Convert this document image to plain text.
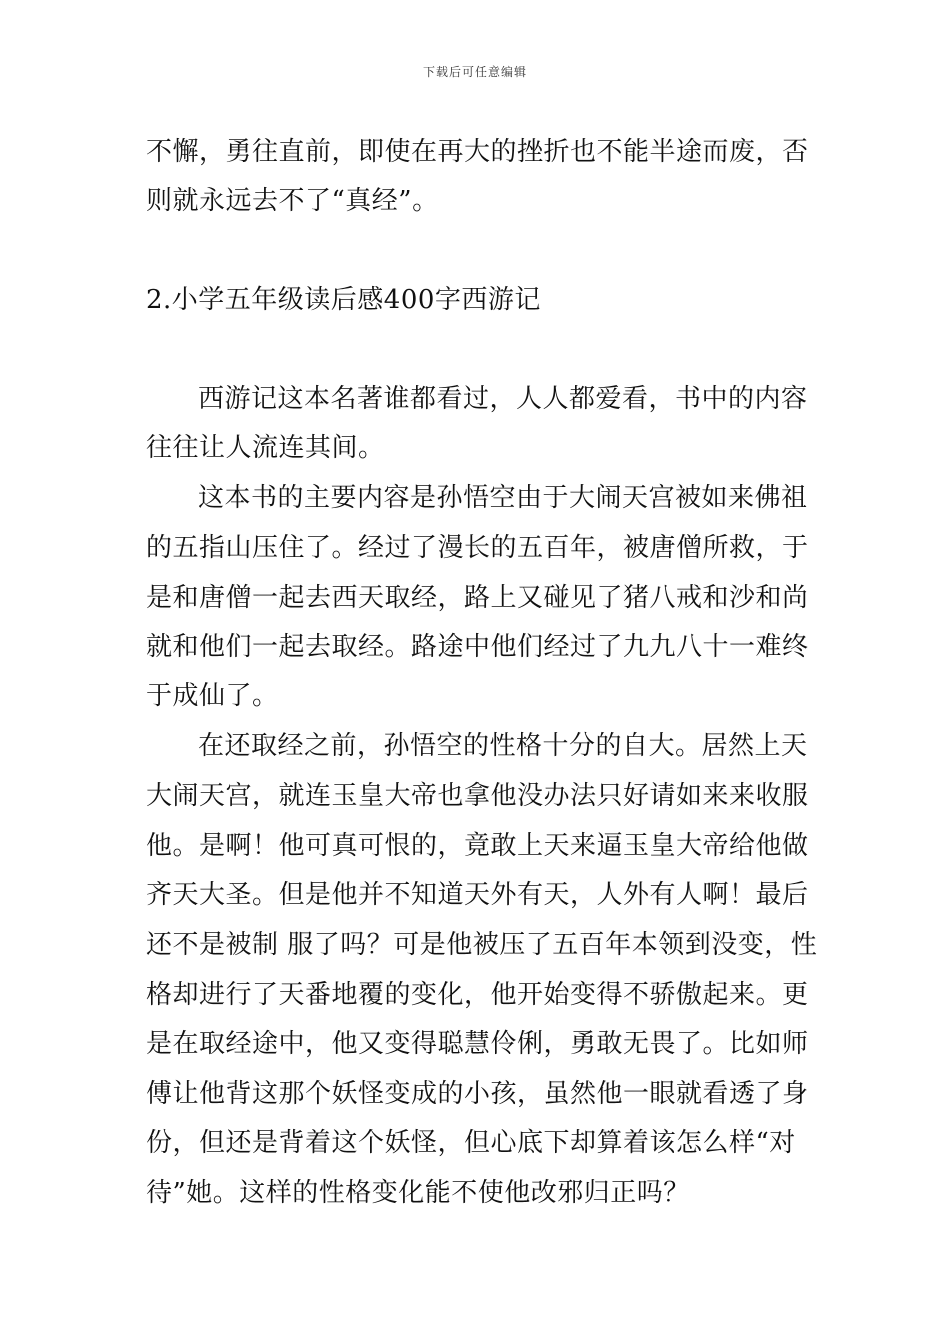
下载后可任意编辑
不懈，勇往直前，即使在再大的挫折也不能半途而废，否
则就永远去不了“真经”。
2.小学五年级读后感400字西游记
西游记这本名著谁都看过，人人都爱看，书中的内容
往往让人流连其间。
这本书的主要内容是孙悟空由于大闹天宫被如来佛祖
的五指山压住了。经过了漫长的五百年，被唐僧所救，于
是和唐僧一起去西天取经，路上又碰见了猪八戒和沙和尚
就和他们一起去取经。路途中他们经过了九九八十一难终
于成仙了。
在还取经之前，孙悟空的性格十分的自大。居然上天
大闹天宫，就连玉皇大帝也拿他没办法只好请如来来收服
他。是啊！他可真可恨的，竟敢上天来逼玉皇大帝给他做
齐天大圣。但是他并不知道天外有天，人外有人啊！最后
还不是被制 服了吗？可是他被压了五百年本领到没变，性
格却进行了天番地覆的变化，他开始变得不骄傲起来。更
是在取经途中，他又变得聪慧伶俐，勇敢无畏了。比如师
傅让他背这那个妖怪变成的小孩，虽然他一眼就看透了身
份，但还是背着这个妖怪，但心底下却算着该怎么样“对
待”她。这样的性格变化能不使他改邪归正吗？
